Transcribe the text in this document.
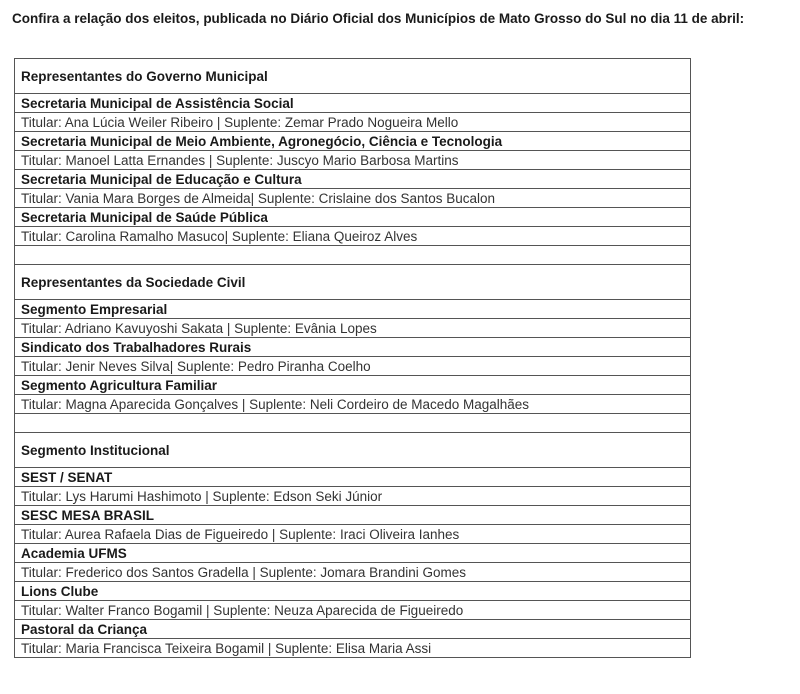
Confira a relação dos eleitos, publicada no Diário Oficial dos Municípios de Mato Grosso do Sul no dia 11 de abril:

Representantes do Governo Municipal
Secretaria Municipal de Assistência Social
Titular: Ana Lúcia Weiler Ribeiro | Suplente: Zemar Prado Nogueira Mello
Secretaria Municipal de Meio Ambiente, Agronegócio, Ciência e Tecnologia
Titular: Manoel Latta Ernandes | Suplente: Juscyo Mario Barbosa Martins
Secretaria Municipal de Educação e Cultura
Titular: Vania Mara Borges de Almeida| Suplente: Crislaine dos Santos Bucalon
Secretaria Municipal de Saúde Pública
Titular: Carolina Ramalho Masuco| Suplente: Eliana Queiroz Alves

Representantes da Sociedade Civil
Segmento Empresarial
Titular: Adriano Kavuyoshi Sakata | Suplente: Evânia Lopes
Sindicato dos Trabalhadores Rurais
Titular: Jenir Neves Silva| Suplente: Pedro Piranha Coelho
Segmento Agricultura Familiar
Titular: Magna Aparecida Gonçalves | Suplente: Neli Cordeiro de Macedo Magalhães

Segmento Institucional
SEST / SENAT
Titular: Lys Harumi Hashimoto | Suplente: Edson Seki Júnior
SESC MESA BRASIL
Titular: Aurea Rafaela Dias de Figueiredo | Suplente: Iraci Oliveira Ianhes
Academia UFMS
Titular: Frederico dos Santos Gradella | Suplente: Jomara Brandini Gomes
Lions Clube
Titular: Walter Franco Bogamil | Suplente: Neuza Aparecida de Figueiredo
Pastoral da Criança
Titular: Maria Francisca Teixeira Bogamil | Suplente: Elisa Maria Assi
